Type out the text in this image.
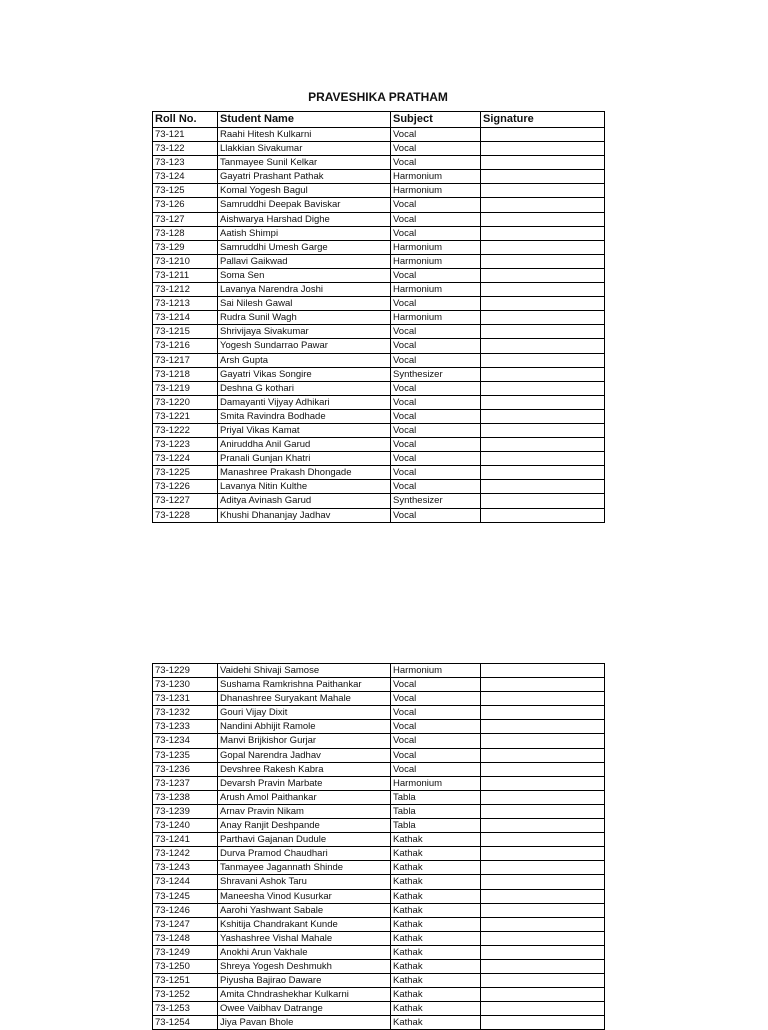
PRAVESHIKA PRATHAM
Roll No.	Student Name	Subject	Signature
73-121	Raahi Hitesh Kulkarni	Vocal	
73-122	Llakkian Sivakumar	Vocal	
73-123	Tanmayee Sunil Kelkar	Vocal	
73-124	Gayatri Prashant Pathak	Harmonium	
73-125	Komal Yogesh Bagul	Harmonium	
73-126	Samruddhi Deepak Baviskar	Vocal	
73-127	Aishwarya Harshad Dighe	Vocal	
73-128	Aatish Shimpi	Vocal	
73-129	Samruddhi Umesh Garge	Harmonium	
73-1210	Pallavi Gaikwad	Harmonium	
73-1211	Soma Sen	Vocal	
73-1212	Lavanya Narendra Joshi	Harmonium	
73-1213	Sai Nilesh Gawal	Vocal	
73-1214	Rudra Sunil Wagh	Harmonium	
73-1215	Shrivijaya Sivakumar	Vocal	
73-1216	Yogesh Sundarrao Pawar	Vocal	
73-1217	Arsh Gupta	Vocal	
73-1218	Gayatri Vikas Songire	Synthesizer	
73-1219	Deshna G kothari	Vocal	
73-1220	Damayanti Vijyay Adhikari	Vocal	
73-1221	Smita Ravindra Bodhade	Vocal	
73-1222	Priyal Vikas Kamat	Vocal	
73-1223	Aniruddha Anil Garud	Vocal	
73-1224	Pranali Gunjan Khatri	Vocal	
73-1225	Manashree Prakash Dhongade	Vocal	
73-1226	Lavanya Nitin Kulthe	Vocal	
73-1227	Aditya Avinash Garud	Synthesizer	
73-1228	Khushi Dhananjay Jadhav	Vocal	
73-1229	Vaidehi Shivaji Samose	Harmonium	
73-1230	Sushama Ramkrishna Paithankar	Vocal	
73-1231	Dhanashree Suryakant Mahale	Vocal	
73-1232	Gouri Vijay Dixit	Vocal	
73-1233	Nandini Abhijit Ramole	Vocal	
73-1234	Manvi Brijkishor Gurjar	Vocal	
73-1235	Gopal Narendra Jadhav	Vocal	
73-1236	Devshree Rakesh Kabra	Vocal	
73-1237	Devarsh Pravin Marbate	Harmonium	
73-1238	Arush Amol Paithankar	Tabla	
73-1239	Arnav Pravin Nikam	Tabla	
73-1240	Anay Ranjit Deshpande	Tabla	
73-1241	Parthavi Gajanan Dudule	Kathak	
73-1242	Durva Pramod Chaudhari	Kathak	
73-1243	Tanmayee Jagannath Shinde	Kathak	
73-1244	Shravani Ashok Taru	Kathak	
73-1245	Maneesha Vinod Kusurkar	Kathak	
73-1246	Aarohi Yashwant Sabale	Kathak	
73-1247	Kshitija Chandrakant Kunde	Kathak	
73-1248	Yashashree Vishal Mahale	Kathak	
73-1249	Anokhi Arun Vakhale	Kathak	
73-1250	Shreya Yogesh Deshmukh	Kathak	
73-1251	Piyusha Bajirao Daware	Kathak	
73-1252	Amita Chndrashekhar Kulkarni	Kathak	
73-1253	Owee Vaibhav Datrange	Kathak	
73-1254	Jiya Pavan Bhole	Kathak	
